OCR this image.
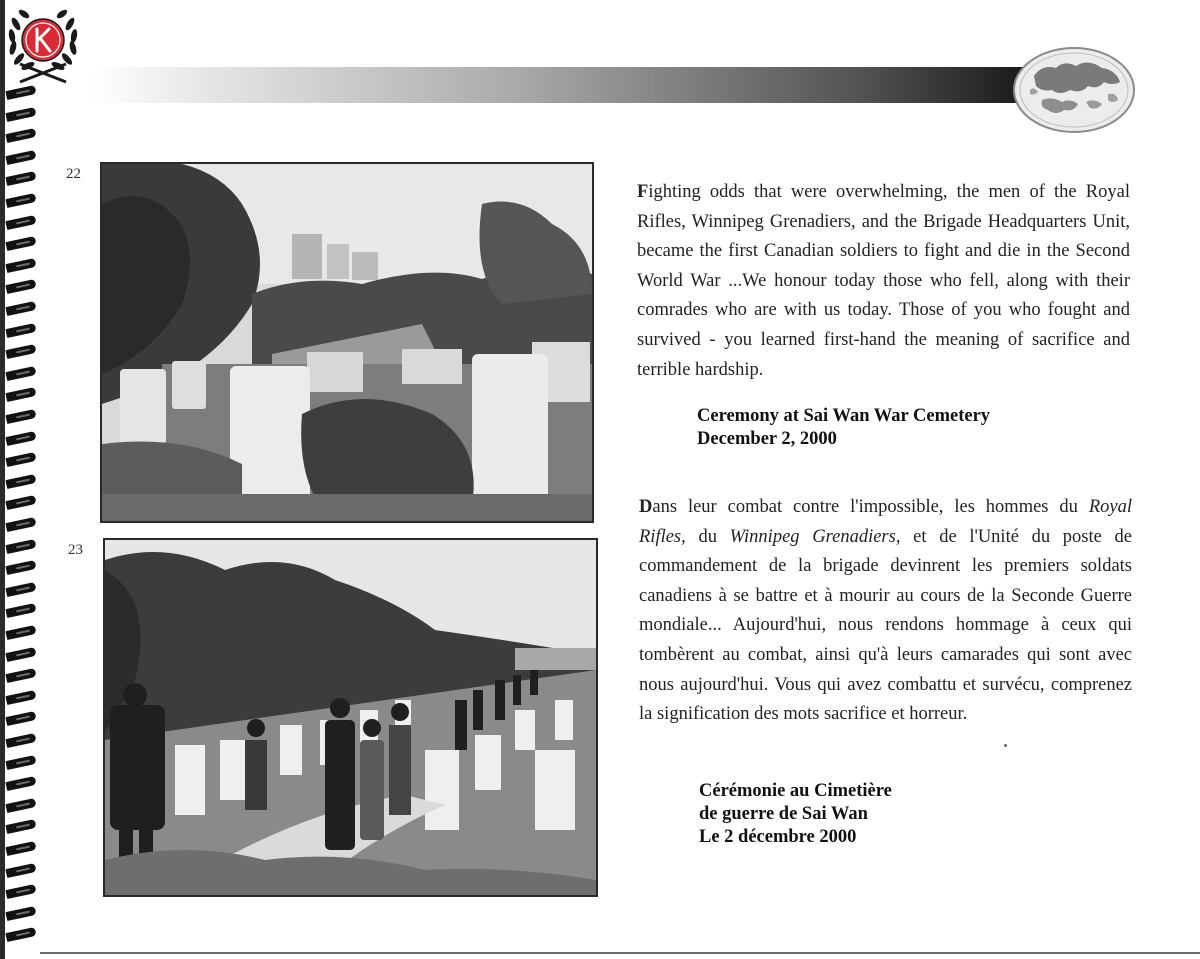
22
23

Fighting odds that were overwhelming, the men of the Royal Rifles, Winnipeg Grenadiers, and the Brigade Headquarters Unit, became the first Canadian soldiers to fight and die in the Second World War ...We honour today those who fell, along with their comrades who are with us today. Those of you who fought and survived - you learned first-hand the meaning of sacrifice and terrible hardship.

Ceremony at Sai Wan War Cemetery
December 2, 2000

Dans leur combat contre l'impossible, les hommes du Royal Rifles, du Winnipeg Grenadiers, et de l'Unité du poste de commandement de la brigade devinrent les premiers soldats canadiens à se battre et à mourir au cours de la Seconde Guerre mondiale... Aujourd'hui, nous rendons hommage à ceux qui tombèrent au combat, ainsi qu'à leurs camarades qui sont avec nous aujourd'hui. Vous qui avez combattu et survécu, comprenez la signification des mots sacrifice et horreur.

Cérémonie au Cimetière
de guerre de Sai Wan
Le 2 décembre 2000
